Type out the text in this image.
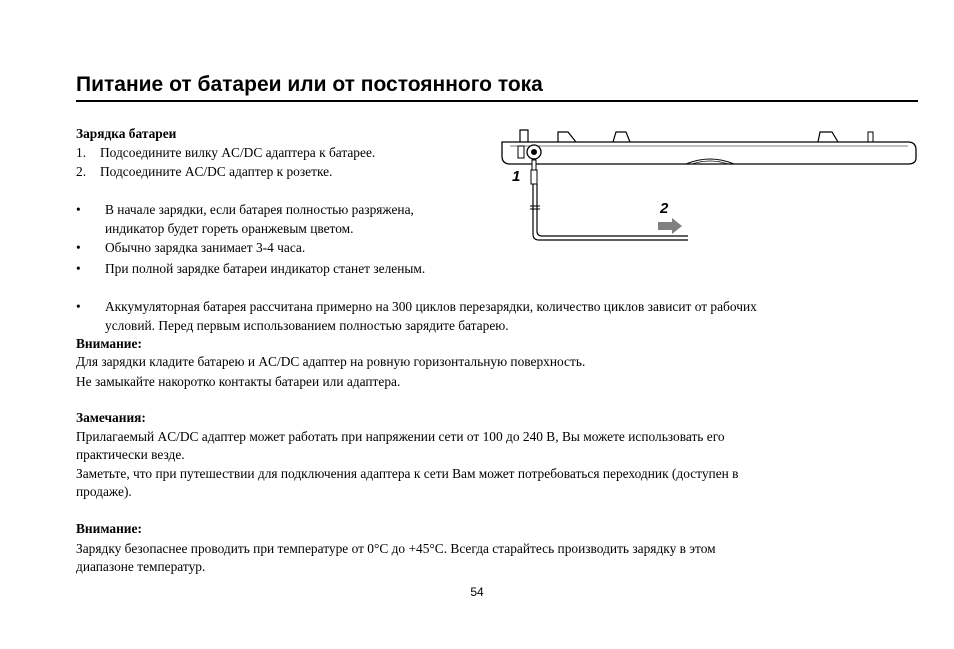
Питание от батареи или от постоянного тока
Зарядка батареи
1. Подсоедините вилку AC/DC адаптера к батарее.
2. Подсоедините AC/DC адаптер к розетке.
•	В начале зарядки, если батарея полностью разряжена,
индикатор будет гореть оранжевым цветом.
•	Обычно зарядка занимает 3-4 часа.
•	При полной зарядке батареи индикатор станет зеленым.
•	Аккумуляторная батарея рассчитана примерно на 300 циклов перезарядки, количество циклов зависит от рабочих
условий. Перед первым использованием полностью зарядите батарею.
Внимание:
Для зарядки кладите батарею и AC/DC адаптер на ровную горизонтальную поверхность.
Не замыкайте накоротко контакты батареи или адаптера.
Замечания:
Прилагаемый AC/DC адаптер может работать при напряжении сети от 100 до 240 В, Вы можете использовать его
практически везде.
Заметьте, что при путешествии для подключения адаптера к сети Вам может потребоваться переходник (доступен в
продаже).
Внимание:
Зарядку безопаснее проводить при температуре от 0°C до +45°C. Всегда старайтесь производить зарядку в этом
диапазоне температур.
1
2
54
